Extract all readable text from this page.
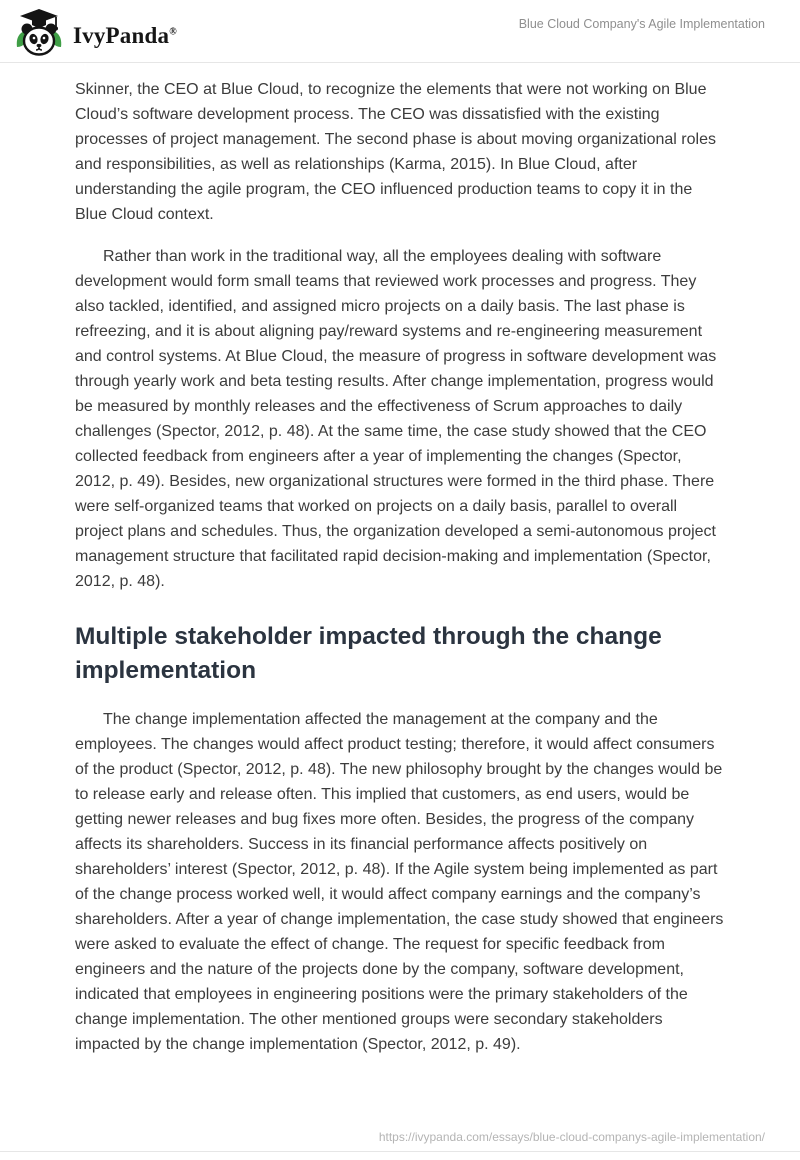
IvyPanda®
Blue Cloud Company's Agile Implementation

Skinner, the CEO at Blue Cloud, to recognize the elements that were not working on Blue Cloud’s software development process. The CEO was dissatisfied with the existing processes of project management. The second phase is about moving organizational roles and responsibilities, as well as relationships (Karma, 2015). In Blue Cloud, after understanding the agile program, the CEO influenced production teams to copy it in the Blue Cloud context.

Rather than work in the traditional way, all the employees dealing with software development would form small teams that reviewed work processes and progress. They also tackled, identified, and assigned micro projects on a daily basis. The last phase is refreezing, and it is about aligning pay/reward systems and re-engineering measurement and control systems. At Blue Cloud, the measure of progress in software development was through yearly work and beta testing results. After change implementation, progress would be measured by monthly releases and the effectiveness of Scrum approaches to daily challenges (Spector, 2012, p. 48). At the same time, the case study showed that the CEO collected feedback from engineers after a year of implementing the changes (Spector, 2012, p. 49). Besides, new organizational structures were formed in the third phase. There were self-organized teams that worked on projects on a daily basis, parallel to overall project plans and schedules. Thus, the organization developed a semi-autonomous project management structure that facilitated rapid decision-making and implementation (Spector, 2012, p. 48).

Multiple stakeholder impacted through the change implementation

The change implementation affected the management at the company and the employees. The changes would affect product testing; therefore, it would affect consumers of the product (Spector, 2012, p. 48). The new philosophy brought by the changes would be to release early and release often. This implied that customers, as end users, would be getting newer releases and bug fixes more often. Besides, the progress of the company affects its shareholders. Success in its financial performance affects positively on shareholders’ interest (Spector, 2012, p. 48). If the Agile system being implemented as part of the change process worked well, it would affect company earnings and the company’s shareholders. After a year of change implementation, the case study showed that engineers were asked to evaluate the effect of change. The request for specific feedback from engineers and the nature of the projects done by the company, software development, indicated that employees in engineering positions were the primary stakeholders of the change implementation. The other mentioned groups were secondary stakeholders impacted by the change implementation (Spector, 2012, p. 49).

https://ivypanda.com/essays/blue-cloud-companys-agile-implementation/
